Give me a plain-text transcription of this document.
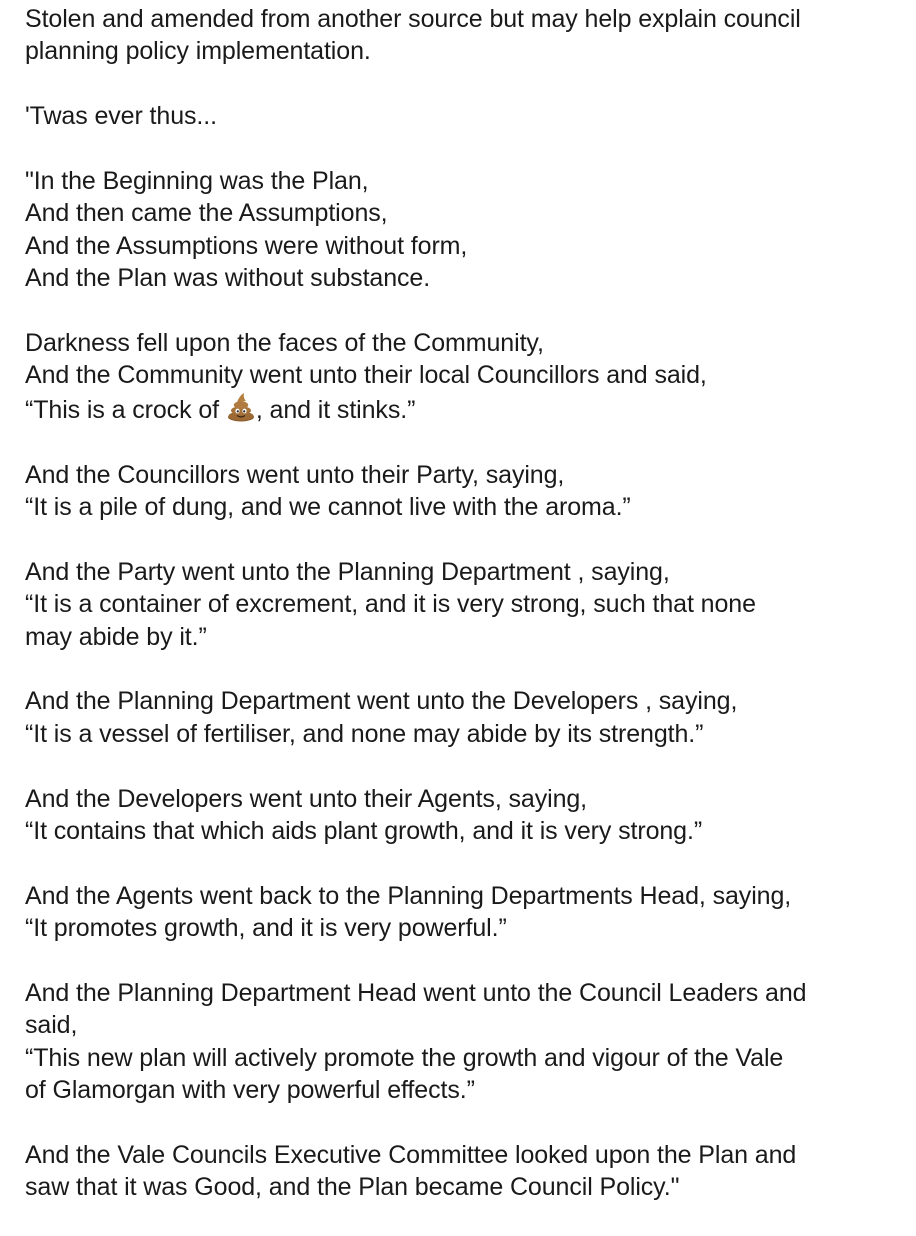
Stolen and amended from another source but may help explain council
planning policy implementation.

'Twas ever thus...

"In the Beginning was the Plan,
And then came the Assumptions,
And the Assumptions were without form,
And the Plan was without substance.

Darkness fell upon the faces of the Community,
And the Community went unto their local Councillors and said,
“This is a crock of , and it stinks.”

And the Councillors went unto their Party, saying,
“It is a pile of dung, and we cannot live with the aroma.”

And the Party went unto the Planning Department , saying,
“It is a container of excrement, and it is very strong, such that none
may abide by it.”

And the Planning Department went unto the Developers , saying,
“It is a vessel of fertiliser, and none may abide by its strength.”

And the Developers went unto their Agents, saying,
“It contains that which aids plant growth, and it is very strong.”

And the Agents went back to the Planning Departments Head, saying,
“It promotes growth, and it is very powerful.”

And the Planning Department Head went unto the Council Leaders and
said,
“This new plan will actively promote the growth and vigour of the Vale
of Glamorgan with very powerful effects.”

And the Vale Councils Executive Committee looked upon the Plan and
saw that it was Good, and the Plan became Council Policy."
